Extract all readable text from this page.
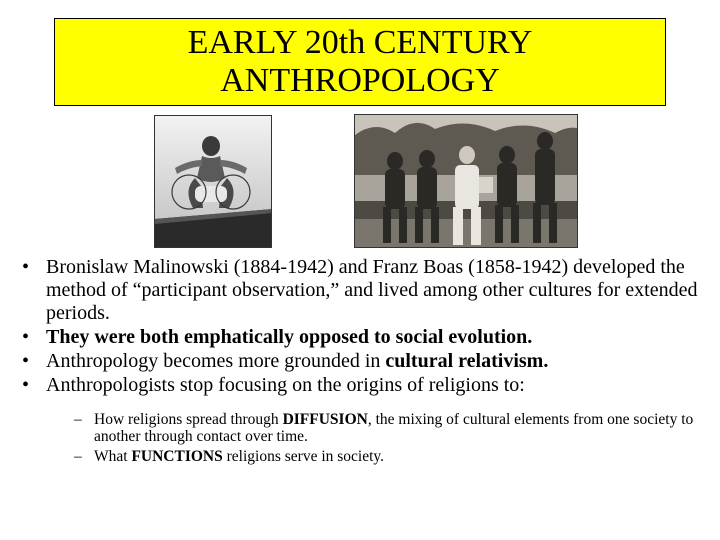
EARLY 20th CENTURY
ANTHROPOLOGY
• Bronislaw Malinowski (1884-1942) and Franz Boas (1858-1942) developed the method of “participant observation,” and lived among other cultures for extended periods.
• They were both emphatically opposed to social evolution.
• Anthropology becomes more grounded in cultural relativism.
• Anthropologists stop focusing on the origins of religions to:
– How religions spread through DIFFUSION, the mixing of cultural elements from one society to another through contact over time.
– What FUNCTIONS religions serve in society.
